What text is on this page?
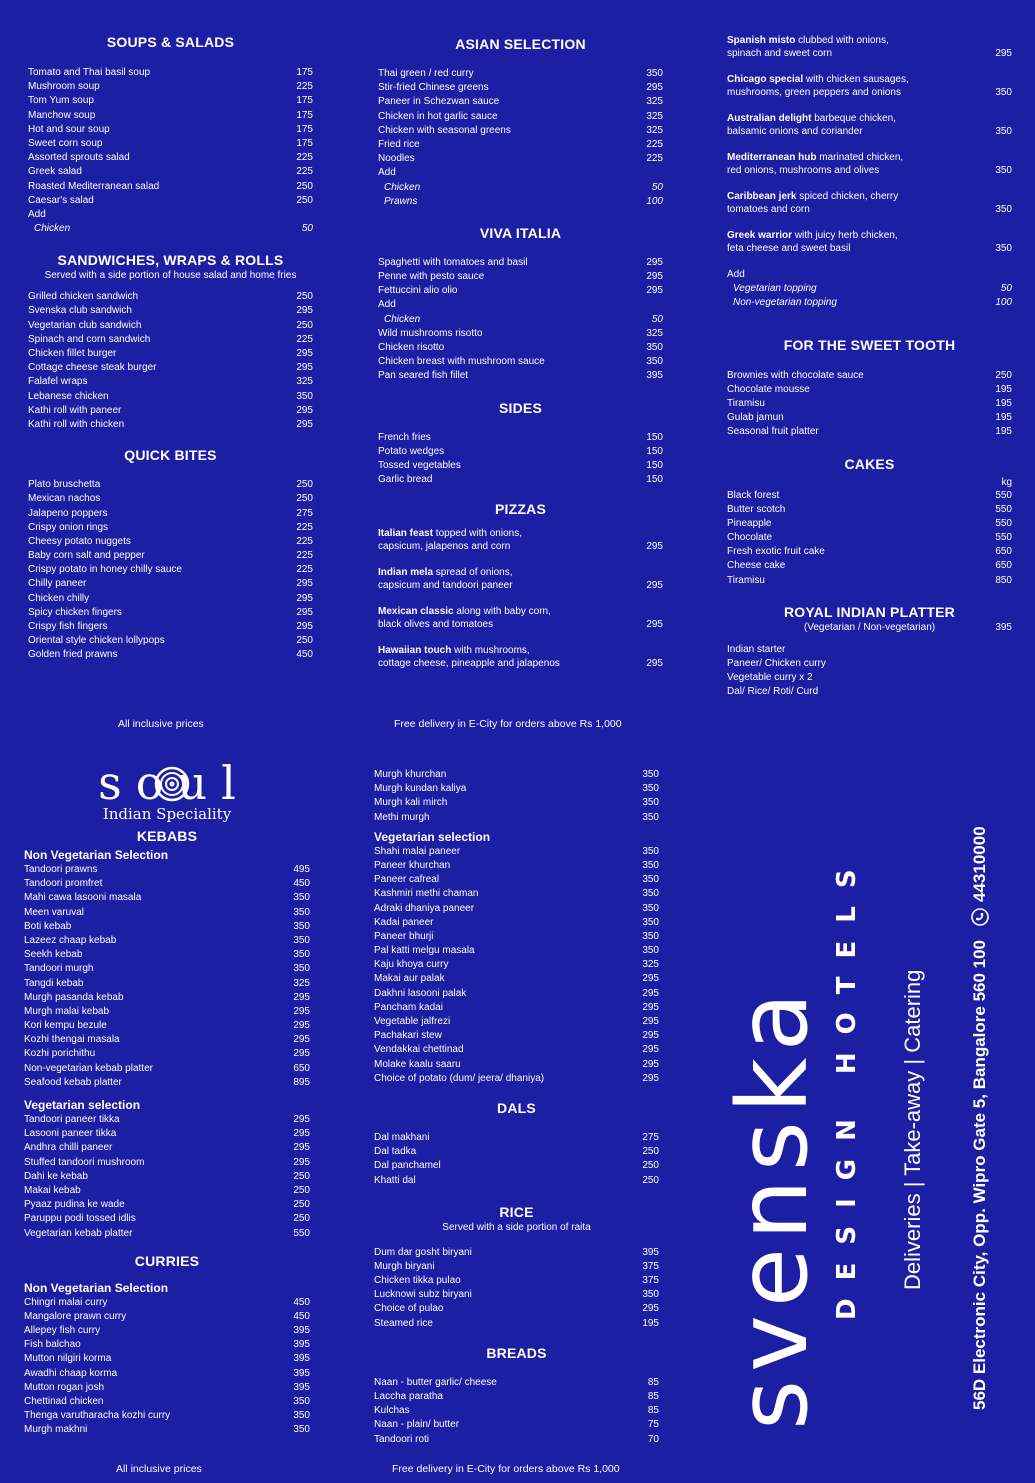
SOUPS & SALADS
Tomato and Thai basil soup	175
Mushroom soup	225
Tom Yum soup	175
Manchow soup	175
Hot and sour soup	175
Sweet corn soup	175
Assorted sprouts salad	225
Greek salad	225
Roasted Mediterranean salad	250
Caesar's salad	250
Add
Chicken	50
SANDWICHES, WRAPS & ROLLS
Served with a side portion of house salad and home fries
Grilled chicken sandwich	250
Svenska club sandwich	295
Vegetarian club sandwich	250
Spinach and corn sandwich	225
Chicken fillet burger	295
Cottage cheese steak burger	295
Falafel wraps	325
Lebanese chicken	350
Kathi roll with paneer	295
Kathi roll with chicken	295
QUICK BITES
Plato bruschetta	250
Mexican nachos	250
Jalapeno poppers	275
Crispy onion rings	225
Cheesy potato nuggets	225
Baby corn salt and pepper	225
Crispy potato in honey chilly sauce	225
Chilly paneer	295
Chicken chilly	295
Spicy chicken fingers	295
Crispy fish fingers	295
Oriental style chicken lollypops	250
Golden fried prawns	450
ASIAN SELECTION
Thai green / red curry	350
Stir-fried Chinese greens	295
Paneer in Schezwan sauce	325
Chicken in hot garlic sauce	325
Chicken with seasonal greens	325
Fried rice	225
Noodles	225
Add
Chicken	50
Prawns	100
VIVA ITALIA
Spaghetti with tomatoes and basil	295
Penne with pesto sauce	295
Fettuccini alio olio	295
Add
Chicken	50
Wild mushrooms risotto	325
Chicken risotto	350
Chicken breast with mushroom sauce	350
Pan seared fish fillet	395
SIDES
French fries	150
Potato wedges	150
Tossed vegetables	150
Garlic bread	150
PIZZAS
Italian feast topped with onions,
capsicum, jalapenos and corn	295
Indian mela spread of onions,
capsicum and tandoori paneer	295
Mexican classic along with baby corn,
black olives and tomatoes	295
Hawaiian touch with mushrooms,
cottage cheese, pineapple and jalapenos	295
Spanish misto clubbed with onions,
spinach and sweet corn	295
Chicago special with chicken sausages,
mushrooms, green peppers and onions	350
Australian delight barbeque chicken,
balsamic onions and coriander	350
Mediterranean hub marinated chicken,
red onions, mushrooms and olives	350
Caribbean jerk spiced chicken, cherry
tomatoes and corn	350
Greek warrior with juicy herb chicken,
feta cheese and sweet basil	350
Add
Vegetarian topping	50
Non-vegetarian topping	100
FOR THE SWEET TOOTH
Brownies with chocolate sauce	250
Chocolate mousse	195
Tiramisu	195
Gulab jamun	195
Seasonal fruit platter	195
CAKES
kg
Black forest	550
Butter scotch	550
Pineapple	550
Chocolate	550
Fresh exotic fruit cake	650
Cheese cake	650
Tiramisu	850
ROYAL INDIAN PLATTER
(Vegetarian / Non-vegetarian)	395
Indian starter
Paneer/ Chicken curry
Vegetable curry x 2
Dal/ Rice/ Roti/ Curd
All inclusive prices	Free delivery in E-City for orders above Rs 1,000
soul
Indian Speciality
KEBABS
Non Vegetarian Selection
Tandoori prawns	495
Tandoori promfret	450
Mahi cawa lasooni masala	350
Meen varuval	350
Boti kebab	350
Lazeez chaap kebab	350
Seekh kebab	350
Tandoori murgh	350
Tangdi kebab	325
Murgh pasanda kebab	295
Murgh malai kebab	295
Kori kempu bezule	295
Kozhi thengai masala	295
Kozhi porichithu	295
Non-vegetarian kebab platter	650
Seafood kebab platter	895
Vegetarian selection
Tandoori paneer tikka	295
Lasooni paneer tikka	295
Andhra chilli paneer	295
Stuffed tandoori mushroom	295
Dahi ke kebab	250
Makai kebab	250
Pyaaz pudina ke wade	250
Paruppu podi tossed idlis	250
Vegetarian kebab platter	550
CURRIES
Non Vegetarian Selection
Chingri malai curry	450
Mangalore prawn curry	450
Allepey fish curry	395
Fish balchao	395
Mutton nilgiri korma	395
Awadhi chaap korma	395
Mutton rogan josh	395
Chettinad chicken	350
Thenga varutharacha kozhi curry	350
Murgh makhni	350
Murgh khurchan	350
Murgh kundan kaliya	350
Murgh kali mirch	350
Methi murgh	350
Vegetarian selection
Shahi malai paneer	350
Paneer khurchan	350
Paneer cafreal	350
Kashmiri methi chaman	350
Adraki dhaniya paneer	350
Kadai paneer	350
Paneer bhurji	350
Pal katti melgu masala	350
Kaju khoya curry	325
Makai aur palak	295
Dakhni lasooni palak	295
Pancham kadai	295
Vegetable jalfrezi	295
Pachakari stew	295
Vendakkai chettinad	295
Molake kaalu saaru	295
Choice of potato (dum/ jeera/ dhaniya)	295
DALS
Dal makhani	275
Dal tadka	250
Dal panchamel	250
Khatti dal	250
RICE
Served with a side portion of raita
Dum dar gosht biryani	395
Murgh biryani	375
Chicken tikka pulao	375
Lucknowi subz biryani	350
Choice of pulao	295
Steamed rice	195
BREADS
Naan - butter garlic/ cheese	85
Laccha paratha	85
Kulchas	85
Naan - plain/ butter	75
Tandoori roti	70
All inclusive prices	Free delivery in E-City for orders above Rs 1,000
svenska DESIGN HOTELS Deliveries | Take-away | Catering	56D Electronic City, Opp. Wipro Gate 5, Bangalore 560 100
44310000
